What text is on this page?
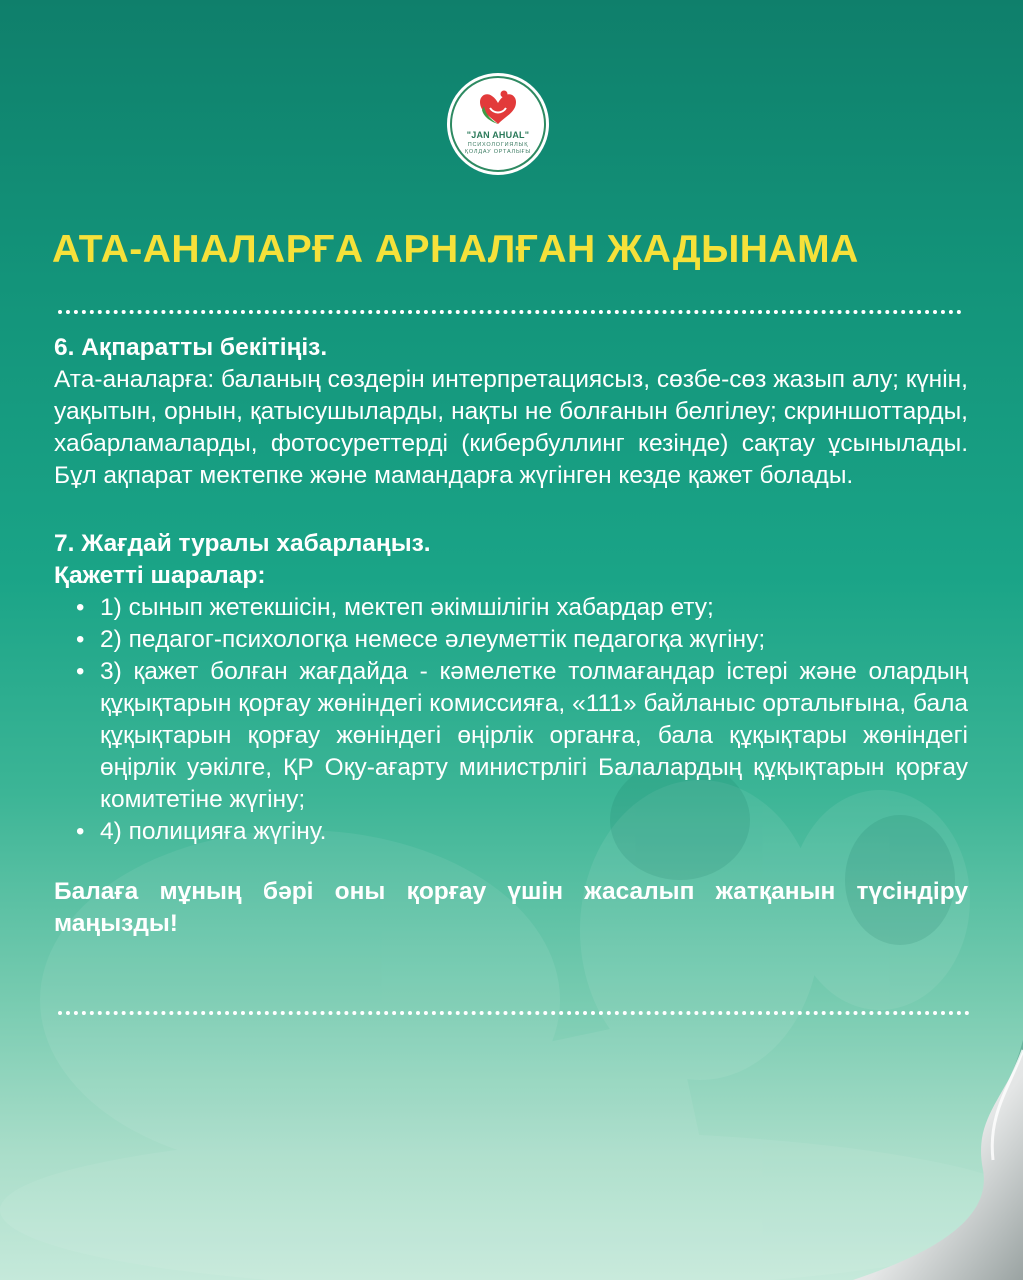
"JAN AHUAL"
ПСИХОЛОГИЯЛЫҚ
ҚОЛДАУ ОРТАЛЫҒЫ
АТА-АНАЛАРҒА АРНАЛҒАН ЖАДЫНАМА

6. Ақпаратты бекітіңіз.

Ата-аналарға: баланың сөздерін интерпретациясыз, сөзбе-сөз жазып алу; күнін, уақытын, орнын, қатысушыларды, нақты не болғанын белгілеу; скриншоттарды, хабарламаларды, фотосуреттерді (кибербуллинг кезінде) сақтау ұсынылады. Бұл ақпарат мектепке және мамандарға жүгінген кезде қажет болады.

7. Жағдай туралы хабарлаңыз.

Қажетті шаралар:

• 1) сынып жетекшісін, мектеп әкімшілігін хабардар ету;
• 2) педагог-психологқа немесе әлеуметтік педагогқа жүгіну;
• 3) қажет болған жағдайда - кәмелетке толмағандар істері және олардың құқықтарын қорғау жөніндегі комиссияға, «111» байланыс орталығына, бала құқықтарын қорғау жөніндегі өңірлік органға, бала құқықтары жөніндегі өңірлік уәкілге, ҚР Оқу-ағарту министрлігі Балалардың құқықтарын қорғау комитетіне жүгіну;
• 4) полицияға жүгіну.

Балаға мұның бәрі оны қорғау үшін жасалып жатқанын түсіндіру маңызды!
